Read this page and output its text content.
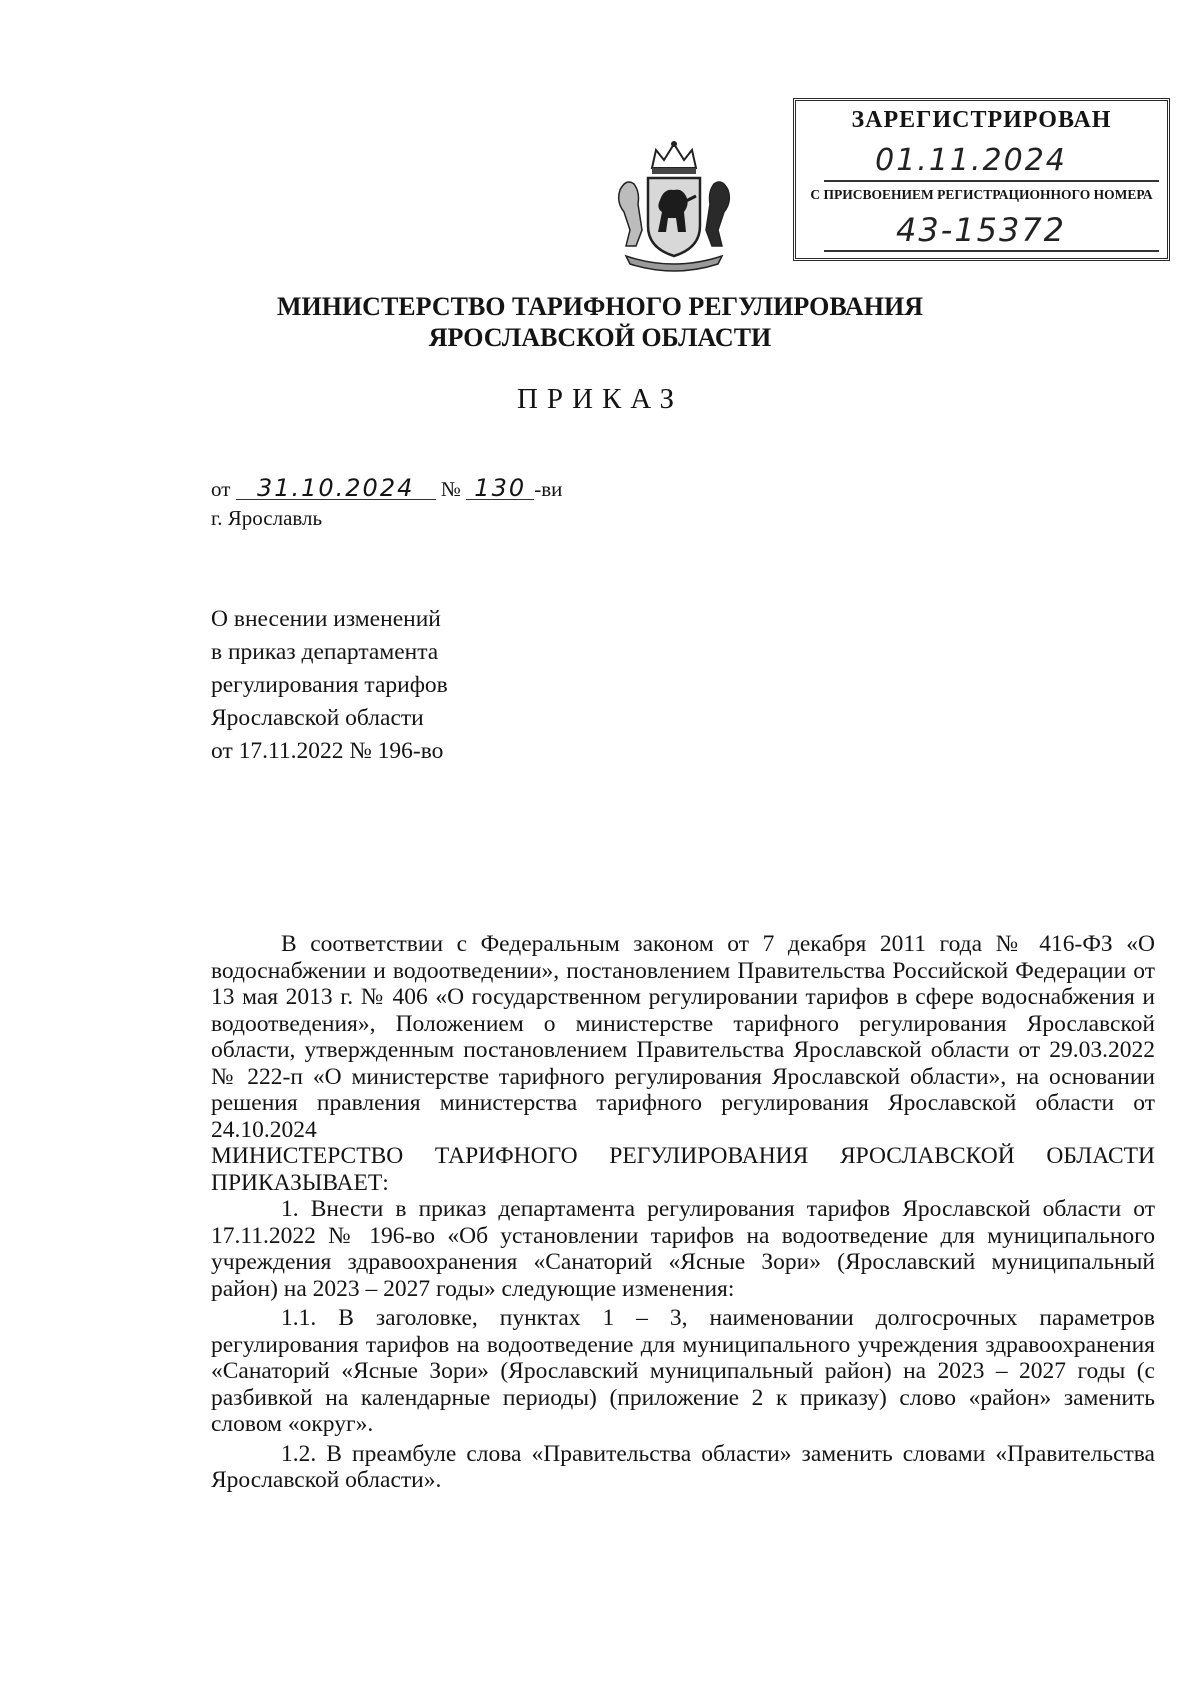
ЗАРЕГИСТРИРОВАН
01.11.2024
С ПРИСВОЕНИЕМ РЕГИСТРАЦИОННОГО НОМЕРА
43-15372
МИНИСТЕРСТВО ТАРИФНОГО РЕГУЛИРОВАНИЯ
ЯРОСЛАВСКОЙ ОБЛАСТИ
ПРИКАЗ
от 31.10.2024 № 130 -ви
г. Ярославль
О внесении изменений
в приказ департамента
регулирования тарифов
Ярославской области
от 17.11.2022 № 196-во

В соответствии с Федеральным законом от 7 декабря 2011 года № 416-ФЗ «О водоснабжении и водоотведении», постановлением Правительства Российской Федерации от 13 мая 2013 г. № 406 «О государственном регулировании тарифов в сфере водоснабжения и водоотведения», Положением о министерстве тарифного регулирования Ярославской области, утвержденным постановлением Правительства Ярославской области от 29.03.2022 № 222-п «О министерстве тарифного регулирования Ярославской области», на основании решения правления министерства тарифного регулирования Ярославской области от 24.10.2024

МИНИСТЕРСТВО ТАРИФНОГО РЕГУЛИРОВАНИЯ ЯРОСЛАВСКОЙ ОБЛАСТИ ПРИКАЗЫВАЕТ:

1. Внести в приказ департамента регулирования тарифов Ярославской области от 17.11.2022 № 196-во «Об установлении тарифов на водоотведение для муниципального учреждения здравоохранения «Санаторий «Ясные Зори» (Ярославский муниципальный район) на 2023 – 2027 годы» следующие изменения:

1.1. В заголовке, пунктах 1 – 3, наименовании долгосрочных параметров регулирования тарифов на водоотведение для муниципального учреждения здравоохранения «Санаторий «Ясные Зори» (Ярославский муниципальный район) на 2023 – 2027 годы (с разбивкой на календарные периоды) (приложение 2 к приказу) слово «район» заменить словом «округ».

1.2. В преамбуле слова «Правительства области» заменить словами «Правительства Ярославской области».
